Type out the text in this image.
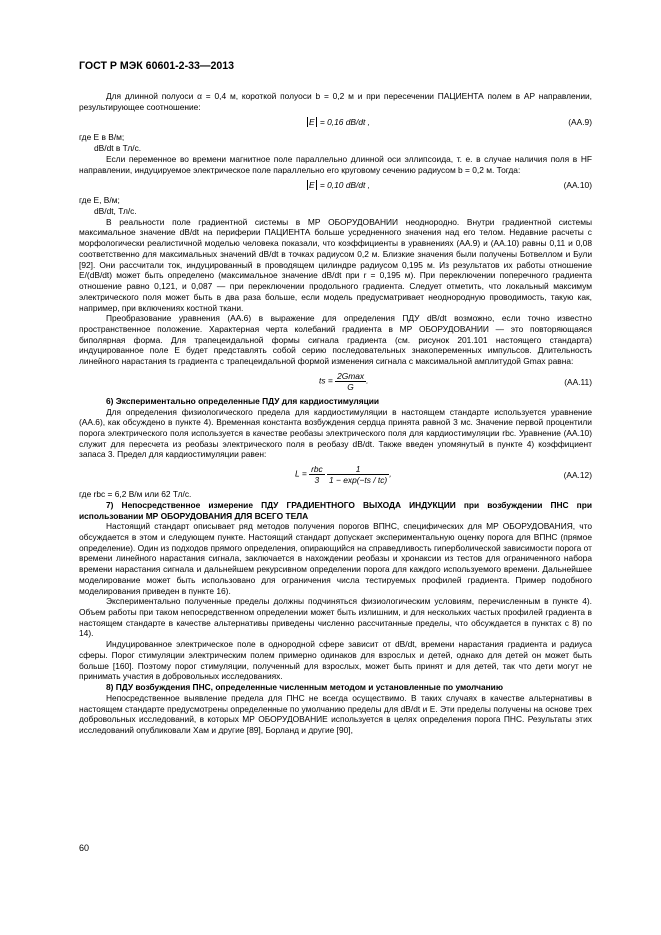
ГОСТ Р МЭК 60601-2-33—2013

Для длинной полуоси α = 0,4 м, короткой полуоси b = 0,2 м и при пересечении ПАЦИЕНТА полем в AP направлении, результирующее соотношение:

E = 0,16 dB/dt ,	(AA.9)

где E в В/м;

dB/dt в Тл/с.

Если переменное во времени магнитное поле параллельно длинной оси эллипсоида, т. е. в случае наличия поля в HF направлении, индуцируемое электрическое поле параллельно его круговому сечению радиусом b = 0,2 м. Тогда:

E = 0,10 dB/dt ,	(AA.10)

где E, В/м;

dB/dt, Тл/с.

В реальности поле градиентной системы в МР ОБОРУДОВАНИИ неоднородно. Внутри градиентной системы максимальное значение dB/dt на периферии ПАЦИЕНТА больше усредненного значения над его телом. Недавние расчеты с морфологически реалистичной моделью человека показали, что коэффициенты в уравнениях (AA.9) и (AA.10) равны 0,11 и 0,08 соответственно для максимальных значений dB/dt в точках радиусом 0,2 м. Близкие значения были получены Ботвеллом и Були [92]. Они рассчитали ток, индуцированный в проводящем цилиндре радиусом 0,195 м. Из результатов их работы отношение E/(dB/dt) может быть определено (максимальное значение dB/dt при r = 0,195 м). При переключении поперечного градиента отношение равно 0,121, и 0,087 — при переключении продольного градиента. Следует отметить, что локальный максимум электрического поля может быть в два раза больше, если модель предусматривает неоднородную проводимость, такую как, например, при включениях костной ткани.

Преобразование уравнения (AA.6) в выражение для определения ПДУ dB/dt возможно, если точно известно пространственное положение. Характерная черта колебаний градиента в МР ОБОРУДОВАНИИ — это повторяющаяся биполярная форма. Для трапецеидальной формы сигнала градиента (см. рисунок 201.101 настоящего стандарта) индуцированное поле E будет представлять собой серию последовательных знакопеременных импульсов. Длительность линейного нарастания ts градиента с трапецеидальной формой изменения сигнала с максимальной амплитудой Gmax равна:

ts = $\frac{2Gmax}{G}$ .	(AA.11)

6) Экспериментально определенные ПДУ для кардиостимуляции

Для определения физиологического предела для кардиостимуляции в настоящем стандарте используется уравнение (AA.6), как обсуждено в пункте 4). Временная константа возбуждения сердца принята равной 3 мс. Значение первой процентили порога электрического поля используется в качестве реобазы электрического поля для кардиостимуляции rbc. Уравнение (AA.10) служит для пересчета из реобазы электрического поля в реобазу dB/dt. Также введен упомянутый в пункте 4) коэффициент запаса 3. Предел для кардиостимуляции равен:

$L = \frac{\text{rbc}}{3}$
$\frac{1}{1 - \exp(-ts / tc)}$ ,	(AA.12)

где rbc = 6,2 В/м или 62 Тл/с.

7) Непосредственное измерение ПДУ ГРАДИЕНТНОГО ВЫХОДА ИНДУКЦИИ при возбуждении ПНС при использовании МР ОБОРУДОВАНИЯ ДЛЯ ВСЕГО ТЕЛА

Настоящий стандарт описывает ряд методов получения порогов ВПНС, специфических для МР ОБОРУДОВАНИЯ, что обсуждается в этом и следующем пункте. Настоящий стандарт допускает экспериментальную оценку порога для ВПНС (прямое определение). Один из подходов прямого определения, опирающийся на справедливость гиперболической зависимости порога от времени линейного нарастания сигнала, заключается в нахождении реобазы и хронаксии из тестов для ограниченного набора времени нарастания сигнала и дальнейшем рекурсивном определении порога для каждого используемого времени. Дальнейшее моделирование может быть использовано для ограничения числа тестируемых профилей градиента. Пример подобного моделирования приведен в пункте 16).

Экспериментально полученные пределы должны подчиняться физиологическим условиям, перечисленным в пункте 4). Объем работы при таком непосредственном определении может быть излишним, и для нескольких частых профилей градиента в настоящем стандарте в качестве альтернативы приведены численно рассчитанные пределы, что обсуждается в пунктах с 8) по 14).

Индуцированное электрическое поле в однородной сфере зависит от dB/dt, времени нарастания градиента и радиуса сферы. Порог стимуляции электрическим полем примерно одинаков для взрослых и детей, однако для детей он может быть больше [160]. Поэтому порог стимуляции, полученный для взрослых, может быть принят и для детей, так что дети могут не принимать участия в добровольных исследованиях.

8) ПДУ возбуждения ПНС, определенные численным методом и установленные по умолчанию

Непосредственное выявление предела для ПНС не всегда осуществимо. В таких случаях в качестве альтернативы в настоящем стандарте предусмотрены определенные по умолчанию пределы для dB/dt и E. Эти пределы получены на основе трех добровольных исследований, в которых МР ОБОРУДОВАНИЕ используется в целях определения порога ПНС. Результаты этих исследований опубликовали Хам и другие [89], Борланд и другие [90],

60
